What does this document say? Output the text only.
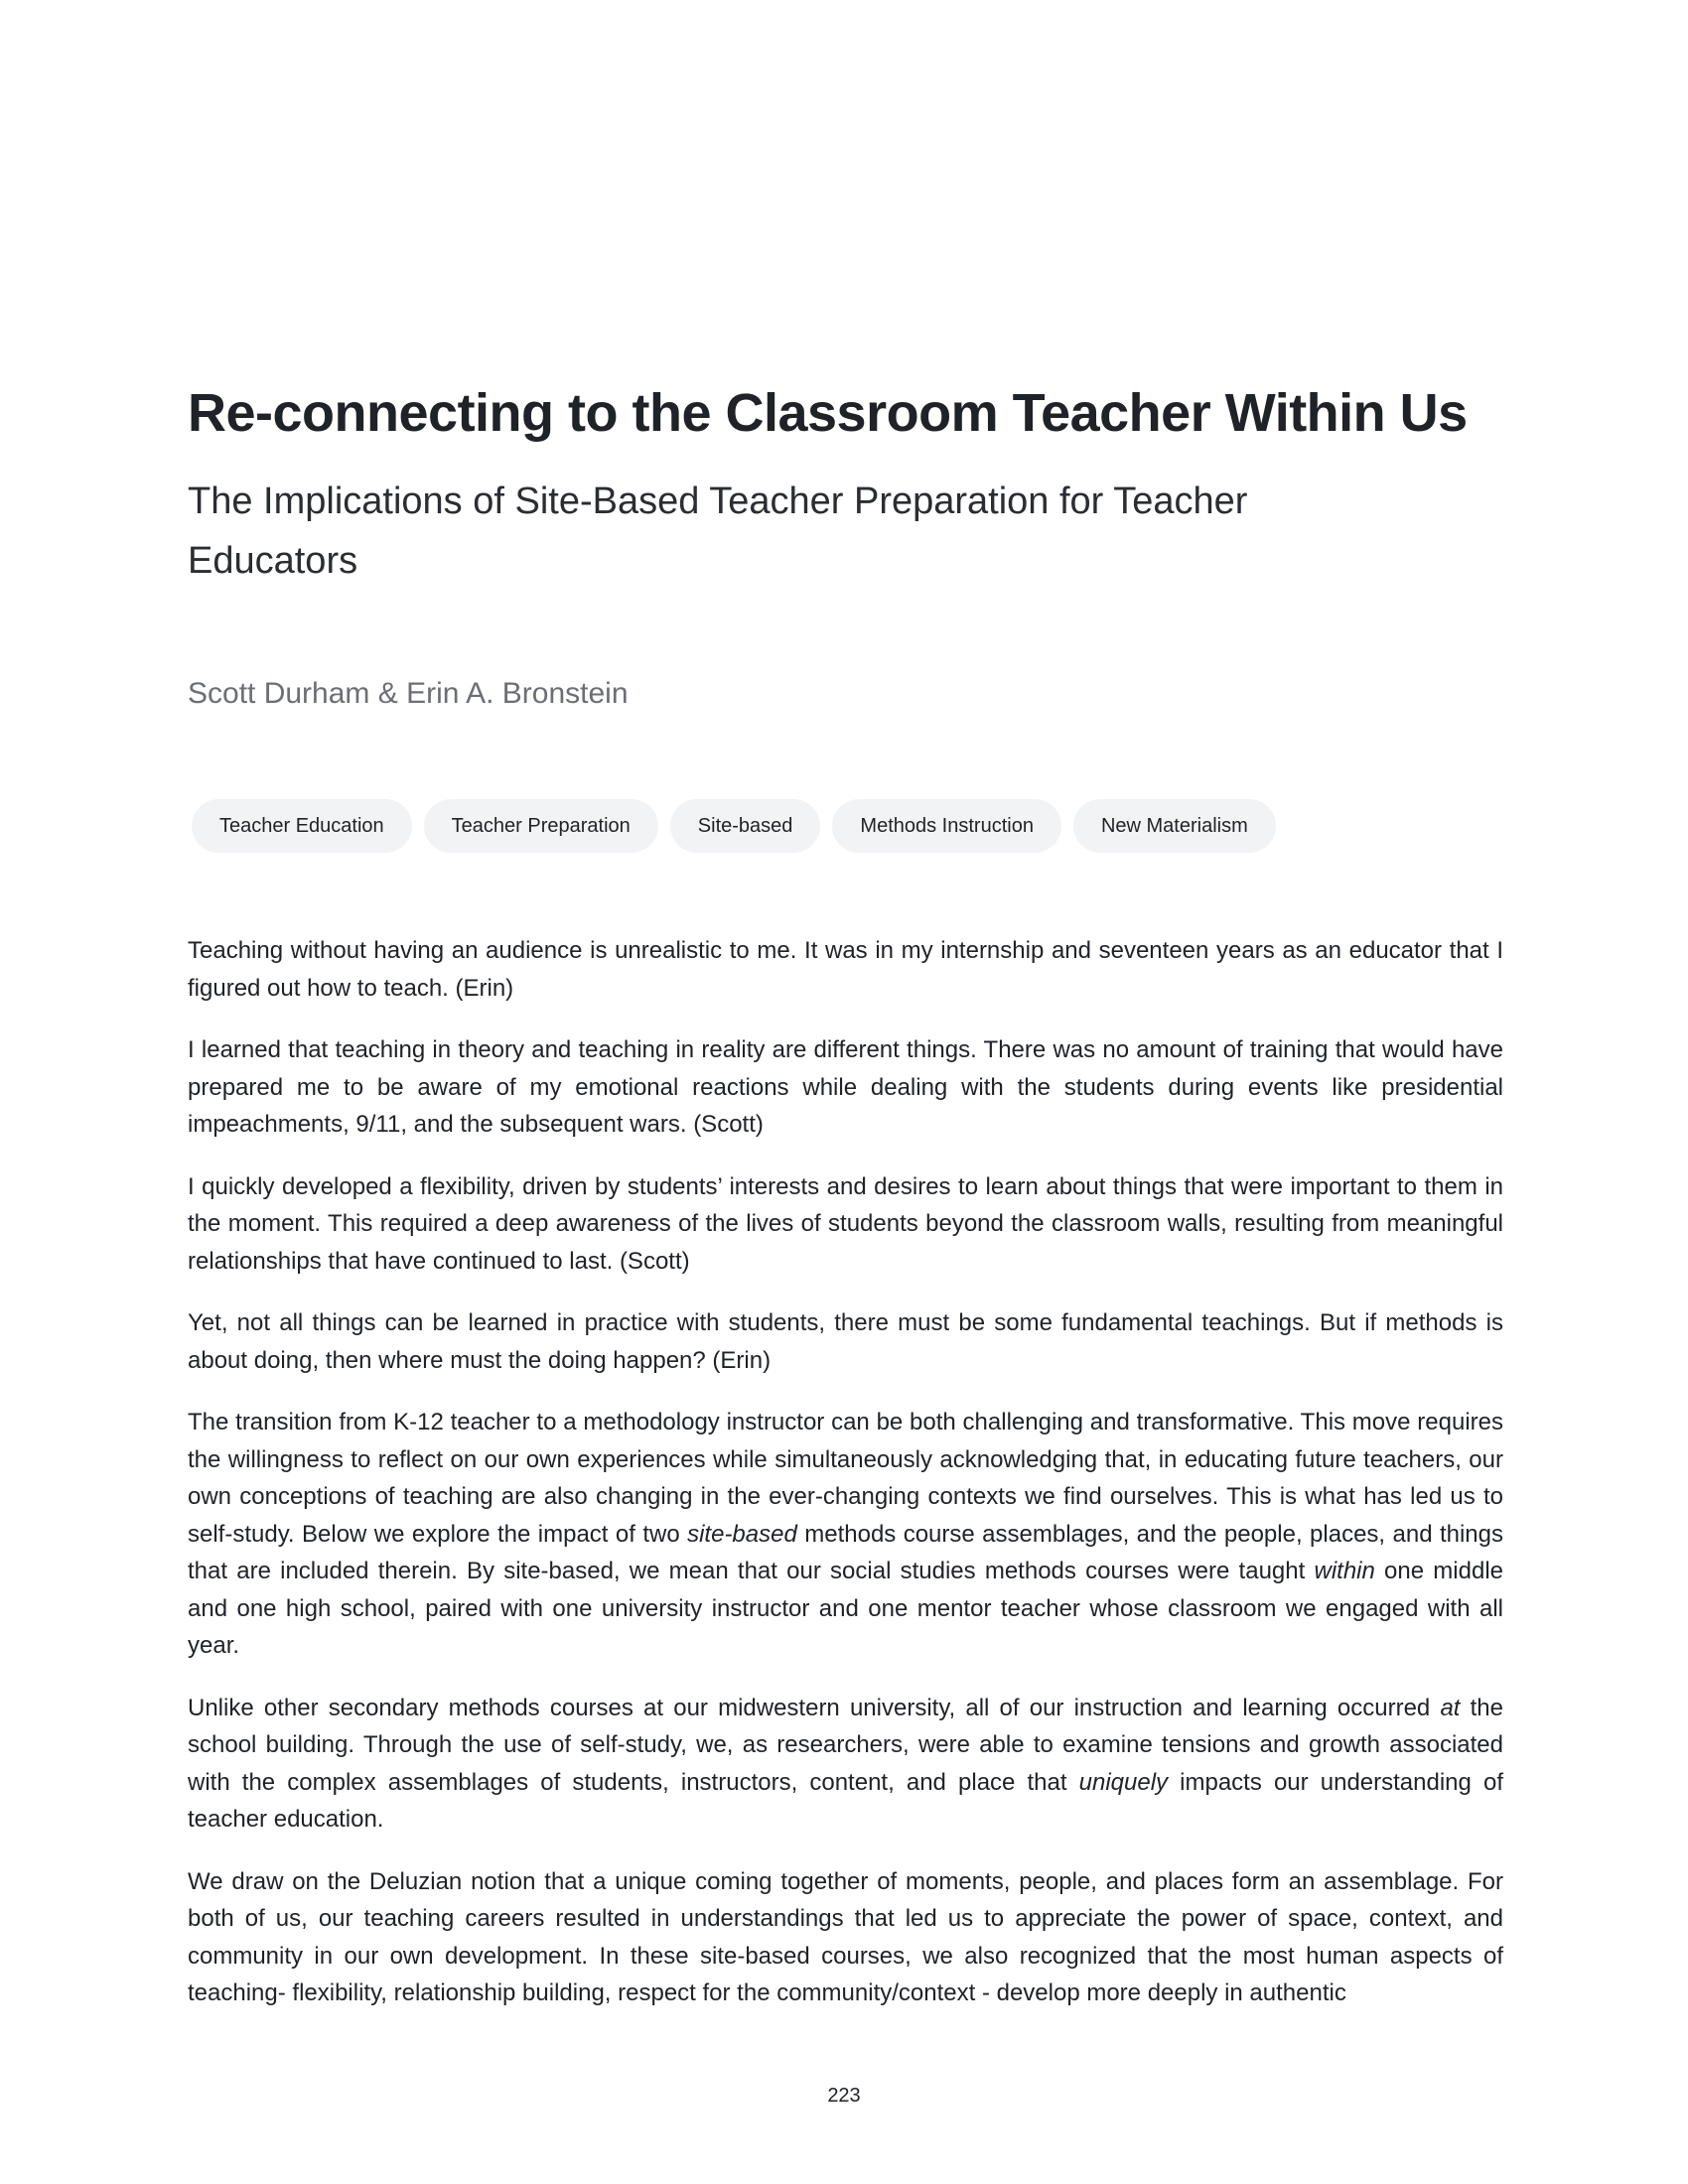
Re-connecting to the Classroom Teacher Within Us
The Implications of Site-Based Teacher Preparation for Teacher Educators
Scott Durham & Erin A. Bronstein
Teacher Education	Teacher Preparation	Site-based	Methods Instruction	New Materialism

Teaching without having an audience is unrealistic to me. It was in my internship and seventeen years as an educator that I figured out how to teach. (Erin)

I learned that teaching in theory and teaching in reality are different things. There was no amount of training that would have prepared me to be aware of my emotional reactions while dealing with the students during events like presidential impeachments, 9/11, and the subsequent wars. (Scott)

I quickly developed a flexibility, driven by students’ interests and desires to learn about things that were important to them in the moment. This required a deep awareness of the lives of students beyond the classroom walls, resulting from meaningful relationships that have continued to last. (Scott)

Yet, not all things can be learned in practice with students, there must be some fundamental teachings. But if methods is about doing, then where must the doing happen? (Erin)

The transition from K-12 teacher to a methodology instructor can be both challenging and transformative. This move requires the willingness to reflect on our own experiences while simultaneously acknowledging that, in educating future teachers, our own conceptions of teaching are also changing in the ever-changing contexts we find ourselves. This is what has led us to self-study. Below we explore the impact of two site-based methods course assemblages, and the people, places, and things that are included therein. By site-based, we mean that our social studies methods courses were taught within one middle and one high school, paired with one university instructor and one mentor teacher whose classroom we engaged with all year.

Unlike other secondary methods courses at our midwestern university, all of our instruction and learning occurred at the school building. Through the use of self-study, we, as researchers, were able to examine tensions and growth associated with the complex assemblages of students, instructors, content, and place that uniquely impacts our understanding of teacher education.

We draw on the Deluzian notion that a unique coming together of moments, people, and places form an assemblage. For both of us, our teaching careers resulted in understandings that led us to appreciate the power of space, context, and community in our own development. In these site-based courses, we also recognized that the most human aspects of teaching- flexibility, relationship building, respect for the community/context - develop more deeply in authentic

223
